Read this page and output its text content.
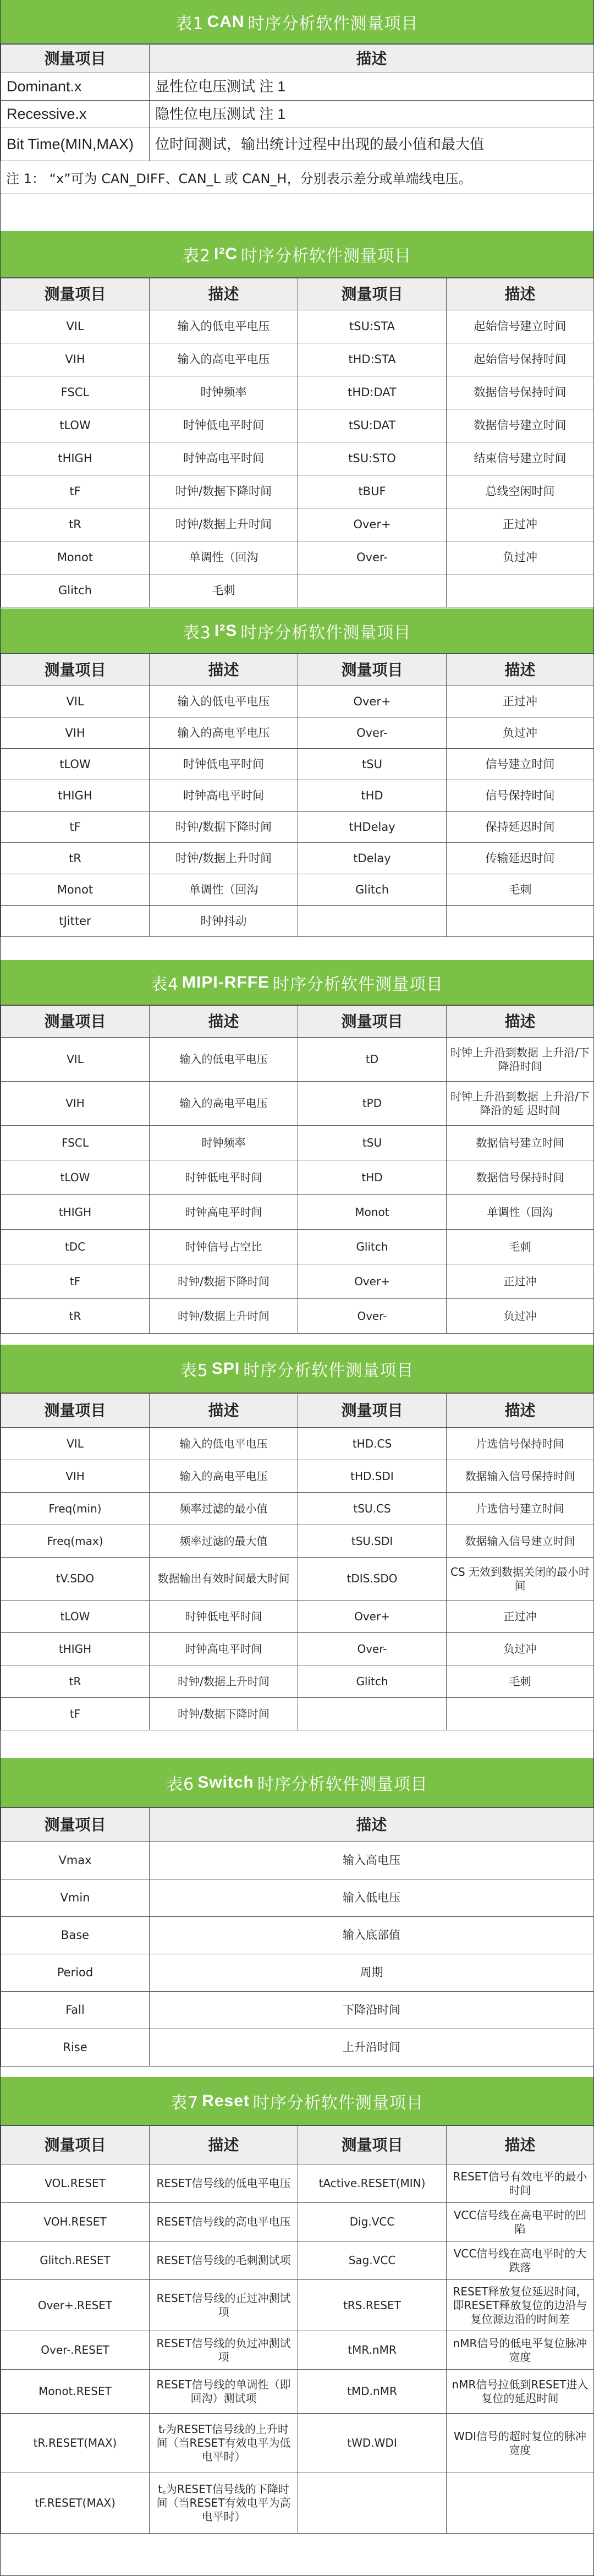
表1 CAN 时序分析软件测量项目
测量项目	描述
Dominant.x	显性位电压测试 注 1
Recessive.x	隐性位电压测试 注 1
Bit Time(MIN,MAX)	位时间测试，输出统计过程中出现的最小值和最大值
注 1： “x”可为 CAN_DIFF、CAN_L 或 CAN_H，分别表示差分或单端线电压。
表2 I²C 时序分析软件测量项目
测量项目	描述	测量项目	描述
VIL	输入的低电平电压	tSU:STA	起始信号建立时间
VIH	输入的高电平电压	tHD:STA	起始信号保持时间
FSCL	时钟频率	tHD:DAT	数据信号保持时间
tLOW	时钟低电平时间	tSU:DAT	数据信号建立时间
tHIGH	时钟高电平时间	tSU:STO	结束信号建立时间
tF	时钟/数据下降时间	tBUF	总线空闲时间
tR	时钟/数据上升时间	Over+	正过冲
Monot	单调性（回沟	Over-	负过冲
Glitch	毛刺		
表3 I²S 时序分析软件测量项目
测量项目	描述	测量项目	描述
VIL	输入的低电平电压	Over+	正过冲
VIH	输入的高电平电压	Over-	负过冲
tLOW	时钟低电平时间	tSU	信号建立时间
tHIGH	时钟高电平时间	tHD	信号保持时间
tF	时钟/数据下降时间	tHDelay	保持延迟时间
tR	时钟/数据上升时间	tDelay	传输延迟时间
Monot	单调性（回沟	Glitch	毛刺
tJitter	时钟抖动		
表4 MIPI-RFFE 时序分析软件测量项目
测量项目	描述	测量项目	描述
VIL	输入的低电平电压	tD	时钟上升沿到数据 上升沿/下降沿时间
VIH	输入的高电平电压	tPD	时钟上升沿到数据 上升沿/下降沿的延 迟时间
FSCL	时钟频率	tSU	数据信号建立时间
tLOW	时钟低电平时间	tHD	数据信号保持时间
tHIGH	时钟高电平时间	Monot	单调性（回沟
tDC	时钟信号占空比	Glitch	毛刺
tF	时钟/数据下降时间	Over+	正过冲
tR	时钟/数据上升时间	Over-	负过冲
表5 SPI 时序分析软件测量项目
测量项目	描述	测量项目	描述
VIL	输入的低电平电压	tHD.CS	片选信号保持时间
VIH	输入的高电平电压	tHD.SDI	数据输入信号保持时间
Freq(min)	频率过滤的最小值	tSU.CS	片选信号建立时间
Freq(max)	频率过滤的最大值	tSU.SDI	数据输入信号建立时间
tV.SDO	数据输出有效时间最大时间	tDIS.SDO	CS 无效到数据关闭的最小时间
tLOW	时钟低电平时间	Over+	正过冲
tHIGH	时钟高电平时间	Over-	负过冲
tR	时钟/数据上升时间	Glitch	毛刺
tF	时钟/数据下降时间		
表6 Switch 时序分析软件测量项目
测量项目	描述
Vmax	输入高电压
Vmin	输入低电压
Base	输入底部值
Period	周期
Fall	下降沿时间
Rise	上升沿时间
表7 Reset 时序分析软件测量项目
测量项目	描述	测量项目	描述
VOL.RESET	RESET信号线的低电平电压	tActive.RESET(MIN)	RESET信号有效电平的最小时间
VOH.RESET	RESET信号线的高电平电压	Dig.VCC	VCC信号线在高电平时的凹陷
Glitch.RESET	RESET信号线的毛刺测试项	Sag.VCC	VCC信号线在高电平时的大跌落
Over+.RESET	RESET信号线的正过冲测试项	tRS.RESET	RESET释放复位延迟时间，即RESET释放复位的边沿与复位源边沿的时间差
Over-.RESET	RESET信号线的负过冲测试项	tMR.nMR	nMR信号的低电平复位脉冲宽度
Monot.RESET	RESET信号线的单调性（即回沟）测试项	tMD.nMR	nMR信号拉低到RESET进入复位的延迟时间
tR.RESET(MAX)	tᵣ为RESET信号线的上升时间（当RESET有效电平为低电平时）	tWD.WDI	WDI信号的超时复位的脉冲宽度
tF.RESET(MAX)	t꜀为RESET信号线的下降时间（当RESET有效电平为高电平时）		
